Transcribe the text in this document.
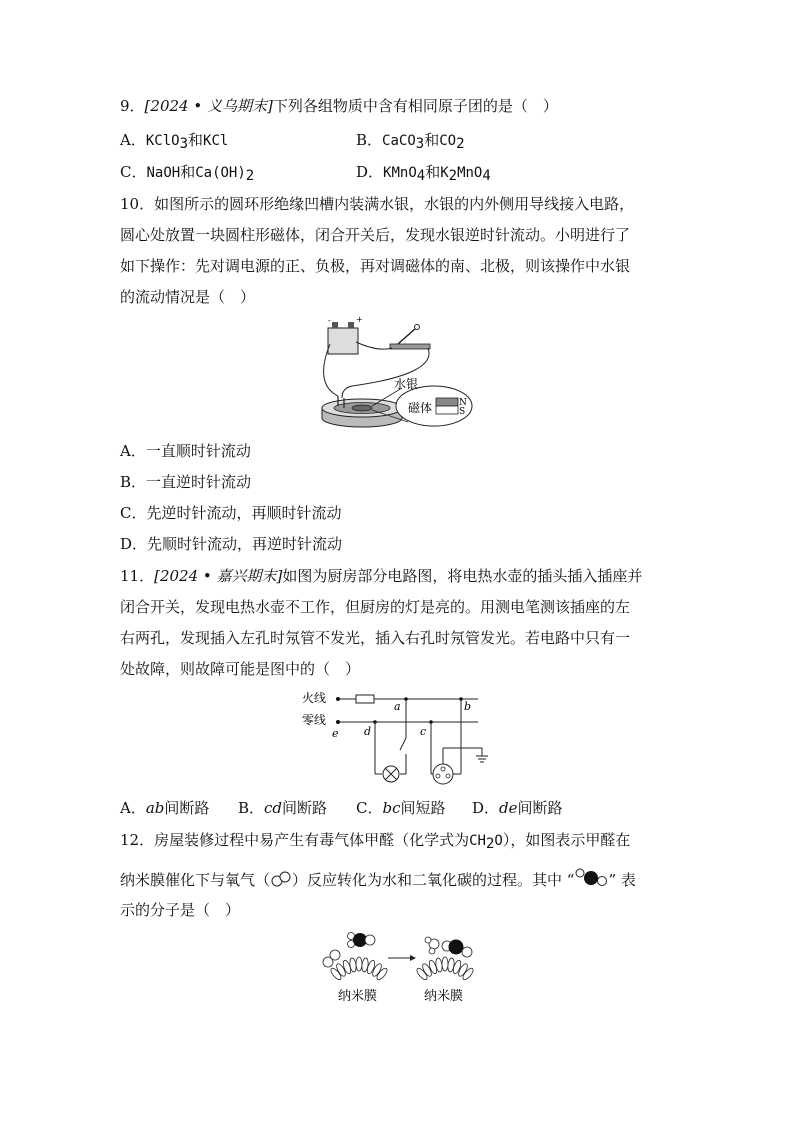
9．[2024 • 义乌期末]下列各组物质中含有相同原子团的是（　）
A．KClO$_3$和KCl	B．CaCO$_3$和$CO_2$
C．NaOH和$Ca(OH)_2$	D．KMnO$_4$和$K_2MnO_4$
10．如图所示的圆环形绝缘凹槽内装满水银，水银的内外侧用导线接入电路，
圆心处放置一块圆柱形磁体，闭合开关后，发现水银逆时针流动。小明进行了
如下操作：先对调电源的正、负极，再对调磁体的南、北极，则该操作中水银
的流动情况是（　）
-	+
水银
磁体	N
S
A．一直顺时针流动
B．一直逆时针流动
C．先逆时针流动，再顺时针流动
D．先顺时针流动，再逆时针流动
11．[2024 • 嘉兴期末]如图为厨房部分电路图，将电热水壶的插头插入插座并
闭合开关，发现电热水壶不工作，但厨房的灯是亮的。用测电笔测该插座的左
右两孔，发现插入左孔时氖管不发光，插入右孔时氖管发光。若电路中只有一
处故障，则故障可能是图中的（　）
火线
零线
a	b
c
d
e
A．ab间断路 B．cd间断路 C．bc间短路 D．de间断路
12．房屋装修过程中易产生有毒气体甲醛（化学式为$CH_2O$），如图表示甲醛在
纳米膜催化下与氧气（ ）反应转化为水和二氧化碳的过程。其中 “ ” 表
示的分子是（　）
纳米膜	纳米膜
